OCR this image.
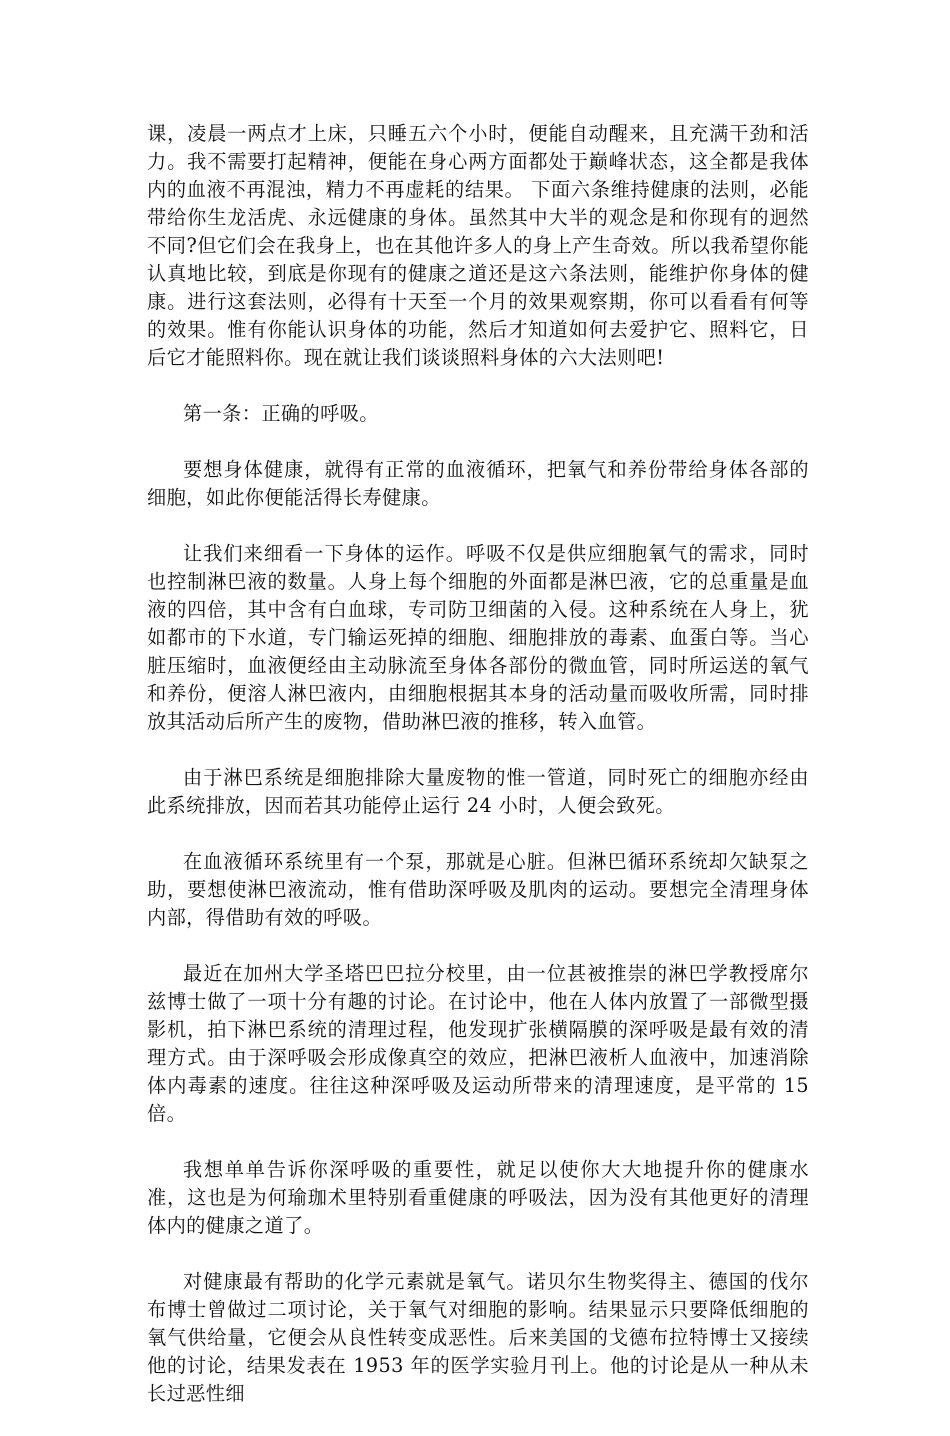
课，凌晨一两点才上床，只睡五六个小时，便能自动醒来，且充满干劲和活力。我不需要打起精神，便能在身心两方面都处于巅峰状态，这全都是我体内的血液不再混浊，精力不再虚耗的结果。 下面六条维持健康的法则，必能带给你生龙活虎、永远健康的身体。虽然其中大半的观念是和你现有的迥然不同?但它们会在我身上，也在其他许多人的身上产生奇效。所以我希望你能认真地比较，到底是你现有的健康之道还是这六条法则，能维护你身体的健康。进行这套法则，必得有十天至一个月的效果观察期，你可以看看有何等的效果。惟有你能认识身体的功能，然后才知道如何去爱护它、照料它，日后它才能照料你。现在就让我们谈谈照料身体的六大法则吧!

第一条：正确的呼吸。

要想身体健康，就得有正常的血液循环，把氧气和养份带给身体各部的细胞，如此你便能活得长寿健康。

让我们来细看一下身体的运作。呼吸不仅是供应细胞氧气的需求，同时也控制淋巴液的数量。人身上每个细胞的外面都是淋巴液，它的总重量是血液的四倍，其中含有白血球，专司防卫细菌的入侵。这种系统在人身上，犹如都市的下水道，专门输运死掉的细胞、细胞排放的毒素、血蛋白等。当心脏压缩时，血液便经由主动脉流至身体各部份的微血管，同时所运送的氧气和养份，便溶人淋巴液内，由细胞根据其本身的活动量而吸收所需，同时排放其活动后所产生的废物，借助淋巴液的推移，转入血管。

由于淋巴系统是细胞排除大量废物的惟一管道，同时死亡的细胞亦经由此系统排放，因而若其功能停止运行 24 小时，人便会致死。

在血液循环系统里有一个泵，那就是心脏。但淋巴循环系统却欠缺泵之助，要想使淋巴液流动，惟有借助深呼吸及肌肉的运动。要想完全清理身体内部，得借助有效的呼吸。

最近在加州大学圣塔巴巴拉分校里，由一位甚被推崇的淋巴学教授席尔兹博士做了一项十分有趣的讨论。在讨论中，他在人体内放置了一部微型摄影机，拍下淋巴系统的清理过程，他发现扩张横隔膜的深呼吸是最有效的清理方式。由于深呼吸会形成像真空的效应，把淋巴液析人血液中，加速消除体内毒素的速度。往往这种深呼吸及运动所带来的清理速度，是平常的 15 倍。

我想单单告诉你深呼吸的重要性，就足以使你大大地提升你的健康水准，这也是为何瑜珈术里特别看重健康的呼吸法，因为没有其他更好的清理体内的健康之道了。

对健康最有帮助的化学元素就是氧气。诺贝尔生物奖得主、德国的伐尔布博士曾做过二项讨论，关于氧气对细胞的影响。结果显示只要降低细胞的氧气供给量，它便会从良性转变成恶性。后来美国的戈德布拉特博士又接续他的讨论，结果发表在 1953 年的医学实验月刊上。他的讨论是从一种从未长过恶性细
